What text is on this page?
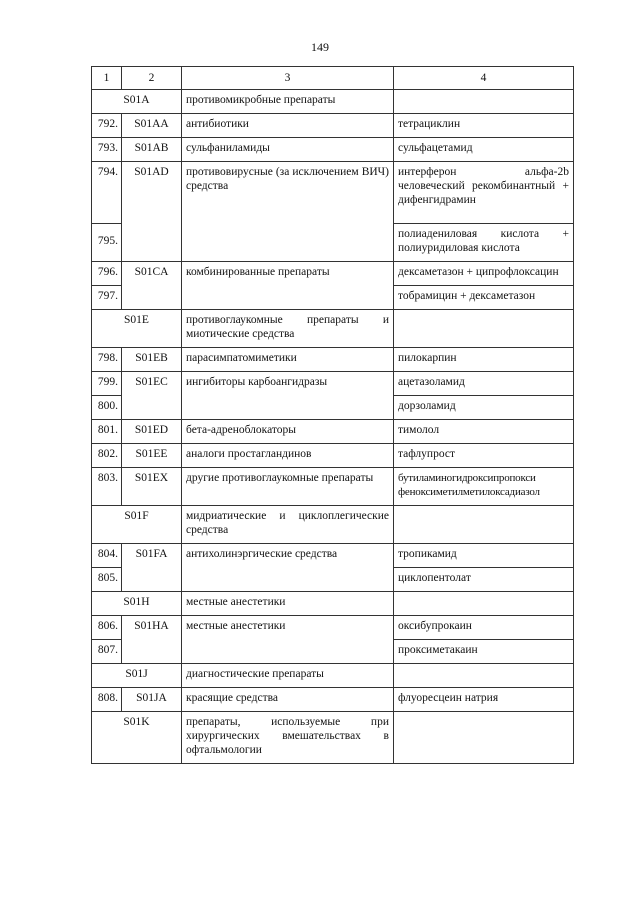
149
1	2	3	4
S01A		противомикробные препараты	
792.	S01AA	антибиотики	тетрациклин
793.	S01AB	сульфаниламиды	сульфацетамид
794.	S01AD	противовирусные (за исключением ВИЧ) средства	интерферон альфа-2b человеческий рекомбинантный + дифенгидрамин
795.			полиадениловая кислота + полиуридиловая кислота
796.	S01CA	комбинированные препараты	дексаметазон + ципрофлоксацин
797.			тобрамицин + дексаметазон
S01E		противоглаукомные препараты и миотические средства	
798.	S01EB	парасимпатомиметики	пилокарпин
799.	S01EC	ингибиторы карбоангидразы	ацетазоламид
800.			дорзоламид
801.	S01ED	бета-адреноблокаторы	тимолол
802.	S01EE	аналоги простагландинов	тафлупрост
803.	S01EX	другие противоглаукомные препараты	бутиламиногидроксипропокси феноксиметилметилоксадиазол
S01F		мидриатические и циклоплегические средства	
804.	S01FA	антихолинэргические средства	тропикамид
805.			циклопентолат
S01H		местные анестетики	
806.	S01HA	местные анестетики	оксибупрокаин
807.			проксиметакаин
S01J		диагностические препараты	
808.	S01JA	красящие средства	флуоресцеин натрия
S01K		препараты, используемые при хирургических вмешательствах в офтальмологии	
